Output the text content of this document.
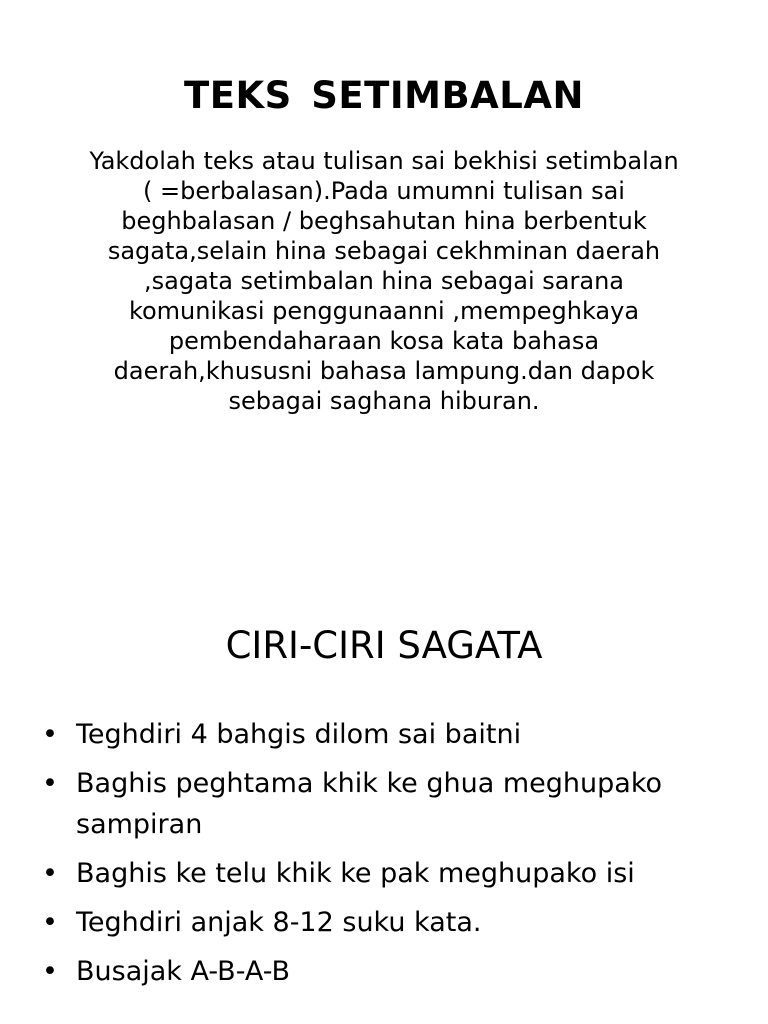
TEKS SETIMBALAN

Yakdolah teks atau tulisan sai bekhisi setimbalan

( =berbalasan).Pada umumni tulisan sai beghbalasan / beghsahutan hina berbentuk sagata,selain hina sebagai cekhminan daerah ,sagata setimbalan hina sebagai sarana komunikasi penggunaanni ,mempeghkaya pembendaharaan kosa kata bahasa daerah,khususni bahasa lampung.dan dapok sebagai saghana hiburan.

CIRI-CIRI SAGATA
• Teghdiri 4 bahgis dilom sai baitni
• Baghis peghtama khik ke ghua meghupako sampiran
• Baghis ke telu khik ke pak meghupako isi
• Teghdiri anjak 8-12 suku kata.
• Busajak A-B-A-B
